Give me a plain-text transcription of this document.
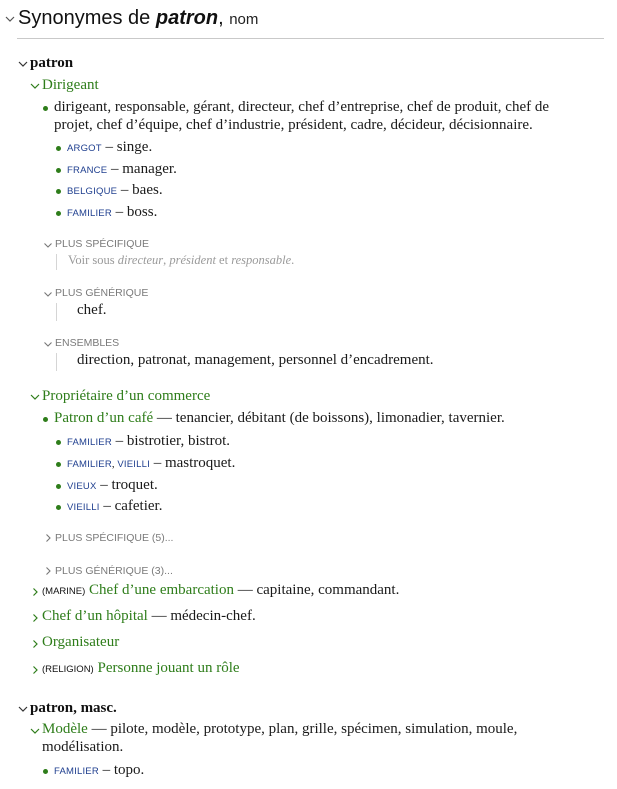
Synonymes de patron, nom
patron
Dirigeant
dirigeant, responsable, gérant, directeur, chef d’entreprise, chef de produit, chef de
projet, chef d’équipe, chef d’industrie, président, cadre, décideur, décisionnaire.
ARGOT – singe.
FRANCE – manager.
BELGIQUE – baes.
FAMILIER – boss.
PLUS SPÉCIFIQUE
Voir sous directeur, président et responsable.
PLUS GÉNÉRIQUE
chef.
ENSEMBLES
direction, patronat, management, personnel d’encadrement.
Propriétaire d’un commerce
Patron d’un café — tenancier, débitant (de boissons), limonadier, tavernier.
FAMILIER – bistrotier, bistrot.
FAMILIER, VIEILLI – mastroquet.
VIEUX – troquet.
VIEILLI – cafetier.
PLUS SPÉCIFIQUE (5)...
PLUS GÉNÉRIQUE (3)...
(MARINE) Chef d’une embarcation — capitaine, commandant.
Chef d’un hôpital — médecin-chef.
Organisateur
(RELIGION) Personne jouant un rôle
patron, masc.
Modèle — pilote, modèle, prototype, plan, grille, spécimen, simulation, moule,
modélisation.
FAMILIER – topo.
